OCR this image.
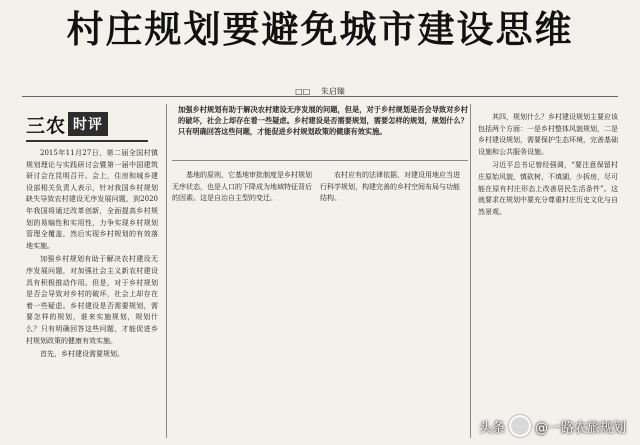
村庄规划要避免城市建设思维
□□ 朱启臻
三农 时评
加强乡村规划有助于解决农村建设无序发展的问题，但是，对于乡村规划是否会导致对乡村的破坏，社会上却存在着一些疑虑。乡村建设是否需要规划，需要怎样的规划，规划什么？只有明确回答这些问题，才能促进乡村规划政策的健康有效实施。

2015年11月27日，第二届全国村镇规划理论与实践研讨会暨第一届中国建筑研讨会在昆明召开。会上，住房和城乡建设部相关负责人表示，针对我国乡村规划缺失导致农村建设无序发展问题，到2020年我国将通过改革创新，全面提高乡村规划的易编性和实用性，力争实现乡村规划管理全覆盖，然后实现乡村规划的有效落地实施。

加强乡村规划有助于解决农村建设无序发展问题，对加强社会主义新农村建设具有积极推动作用。但是，对于乡村规划是否会导致对乡村的破坏，社会上却存在着一些疑虑。乡村建设是否需要规划，需要怎样的规划，谁来实施规划，规划什么？只有明确回答这些问题，才能促进乡村规划政策的健康有效实施。

首先，乡村建设需要规划。

基地的原则，它基地审批制度是乡村规划无序状态，也是人口的下降成为地域特征背后的因素。这是自治自主型的变迁。

农村应有的法律依据，对建设用地应当进行科学规划，构建完善的乡村空间布局与功能结构。

其四，规划什么？乡村建设规划主要应该包括两个方面：一是乡村整体风貌规划，二是乡村建设规划，需要保护生态环境，完善基础设施和公共服务设施。

习近平总书记曾经强调，“要注意保留村庄原始风貌，慎砍树，不填湖，少拆房，尽可能在原有村庄形态上改善居民生活条件”。这就要求在规划中要充分尊重村庄历史文化与自然景观。

头条 @一路农旅规划
